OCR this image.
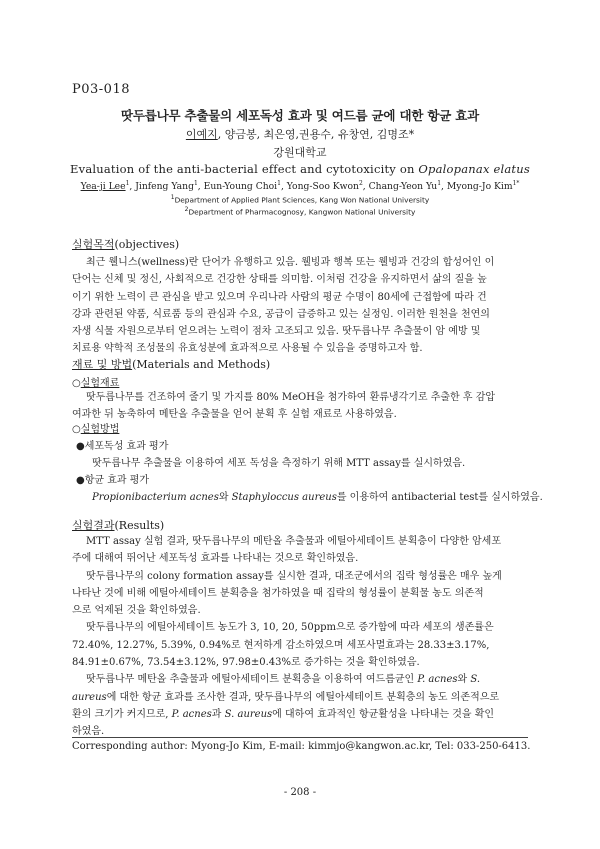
P03-018
땃두릅나무 추출물의 세포독성 효과 및 여드름 균에 대한 항균 효과
이예지, 양금봉, 최은영,권용수, 유창연, 김명조*
강원대학교
Evaluation of the anti-bacterial effect and cytotoxicity on Opalopanax elatus
Yea-ji Lee$^1$, Jinfeng Yang$^1$, Eun-Young Choi$^1$, Yong-Soo Kwon$^2$, Chang-Yeon Yu$^1$, Myong-Jo Kim$^{1*}$
$^1$Department of Applied Plant Sciences, Kang Won National University
$^2$Department of Pharmacognosy, Kangwon National University
실험목적(objectives)

최근 웰니스(wellness)란 단어가 유행하고 있음. 웰빙과 행복 또는 웰빙과 건강의 합성어인 이

단어는 신체 및 정신, 사회적으로 건강한 상태를 의미함. 이처럼 건강을 유지하면서 삶의 질을 높

이기 위한 노력이 큰 관심을 받고 있으며 우리나라 사람의 평균 수명이 80세에 근접함에 따라 건

강과 관련된 약품, 식료품 등의 관심과 수요, 공급이 급증하고 있는 실정임. 이러한 원천을 천연의

자생 식물 자원으로부터 얻으려는 노력이 점차 고조되고 있음. 땃두릅나무 추출물이 암 예방 및

치료용 약학적 조성물의 유효성분에 효과적으로 사용될 수 있음을 증명하고자 함.

재료 및 방법(Materials and Methods)
○실험재료

땃두릅나무를 건조하여 줄기 및 가지를 80% MeOH을 첨가하여 환류냉각기로 추출한 후 감압

여과한 뒤 농축하여 메탄올 추출물을 얻어 분획 후 실험 재료로 사용하였음.

○실험방법
●세포독성 효과 평가
땃두릅나무 추출물을 이용하여 세포 독성을 측정하기 위해 MTT assay를 실시하였음.
●항균 효과 평가
Propionibacterium acnes와 Staphyloccus aureus를 이용하여 antibacterial test를 실시하였음.
실험결과(Results)

MTT assay 실험 결과, 땃두릅나무의 메탄올 추출물과 에틸아세테이트 분획층이 다양한 암세포

주에 대해여 뛰어난 세포독성 효과를 나타내는 것으로 확인하였음.

땃두릅나무의 colony formation assay를 실시한 결과, 대조군에서의 집락 형성률은 매우 높게

나타난 것에 비해 에틸아세테이트 분획층을 첨가하였을 때 집락의 형성률이 분획물 농도 의존적

으로 억제된 것을 확인하였음.

땃두릅나무의 에틸아세테이트 농도가 3, 10, 20, 50ppm으로 증가함에 따라 세포의 생존률은

72.40%, 12.27%, 5.39%, 0.94%로 현저하게 감소하였으며 세포사멸효과는 28.33±3.17%,

84.91±0.67%, 73.54±3.12%, 97.98±0.43%로 증가하는 것을 확인하였음.

땃두릅나무 메탄올 추출물과 에틸아세테이트 분획층을 이용하여 여드름균인 P. acnes와 S.

aureus에 대한 항균 효과를 조사한 결과, 땃두릅나무의 에틸아세테이트 분획층의 농도 의존적으로

환의 크기가 커지므로, P. acnes과 S. aureus에 대하여 효과적인 항균활성을 나타내는 것을 확인

하였음.

Corresponding author: Myong-Jo Kim, E-mail: kimmjo@kangwon.ac.kr, Tel: 033-250-6413.
- 208 -
